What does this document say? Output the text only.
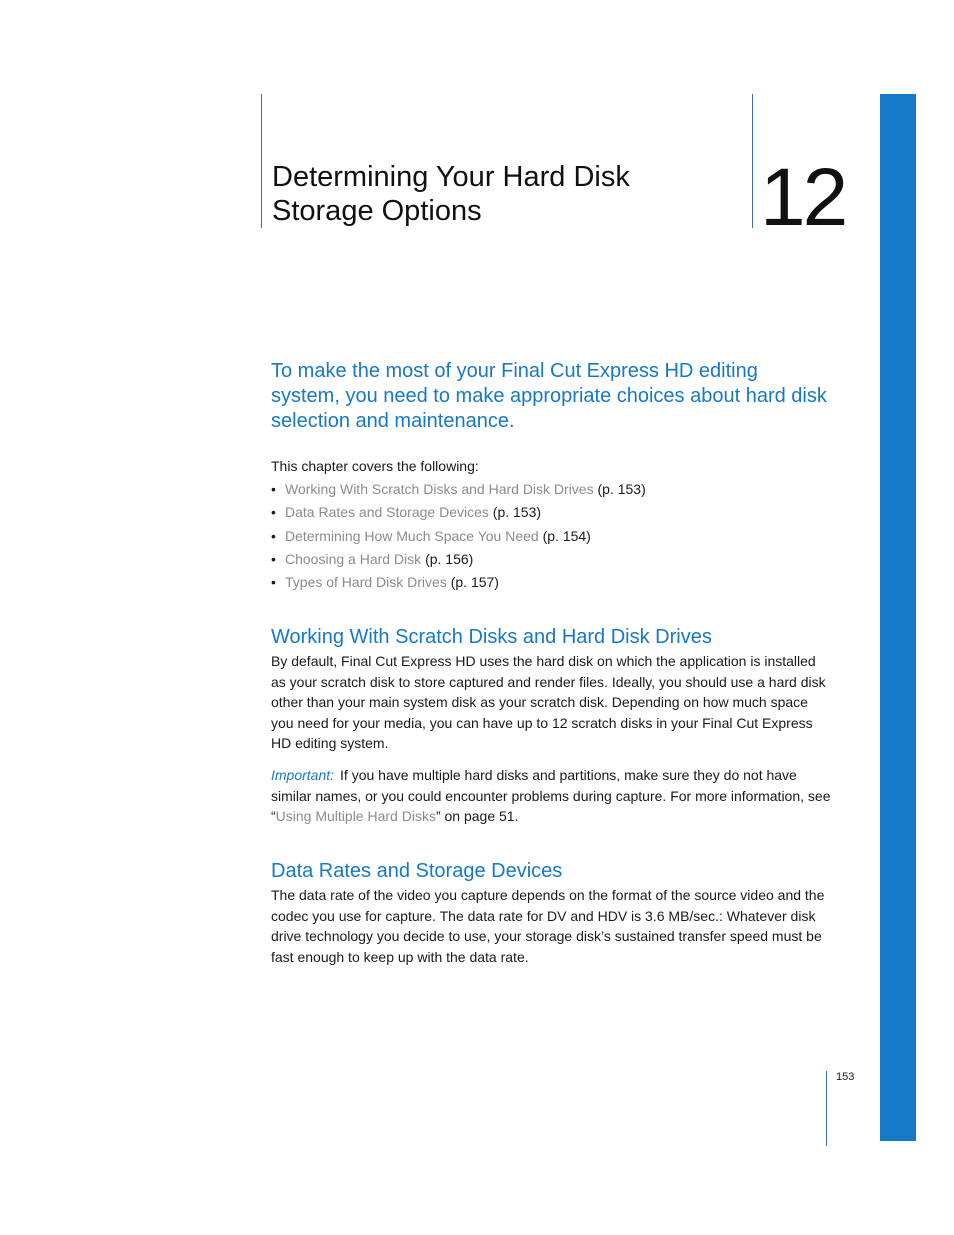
Determining Your Hard Disk Storage Options	12

To make the most of your Final Cut Express HD editing system, you need to make appropriate choices about hard disk selection and maintenance.

This chapter covers the following:

• Working With Scratch Disks and Hard Disk Drives (p. 153)
• Data Rates and Storage Devices (p. 153)
• Determining How Much Space You Need (p. 154)
• Choosing a Hard Disk (p. 156)
• Types of Hard Disk Drives (p. 157)
Working With Scratch Disks and Hard Disk Drives

By default, Final Cut Express HD uses the hard disk on which the application is installed as your scratch disk to store captured and render files. Ideally, you should use a hard disk other than your main system disk as your scratch disk. Depending on how much space you need for your media, you can have up to 12 scratch disks in your Final Cut Express HD editing system.

Important: If you have multiple hard disks and partitions, make sure they do not have similar names, or you could encounter problems during capture. For more information, see “Using Multiple Hard Disks” on page 51.

Data Rates and Storage Devices

The data rate of the video you capture depends on the format of the source video and the codec you use for capture. The data rate for DV and HDV is 3.6 MB/sec.: Whatever disk drive technology you decide to use, your storage disk’s sustained transfer speed must be fast enough to keep up with the data rate.

153
